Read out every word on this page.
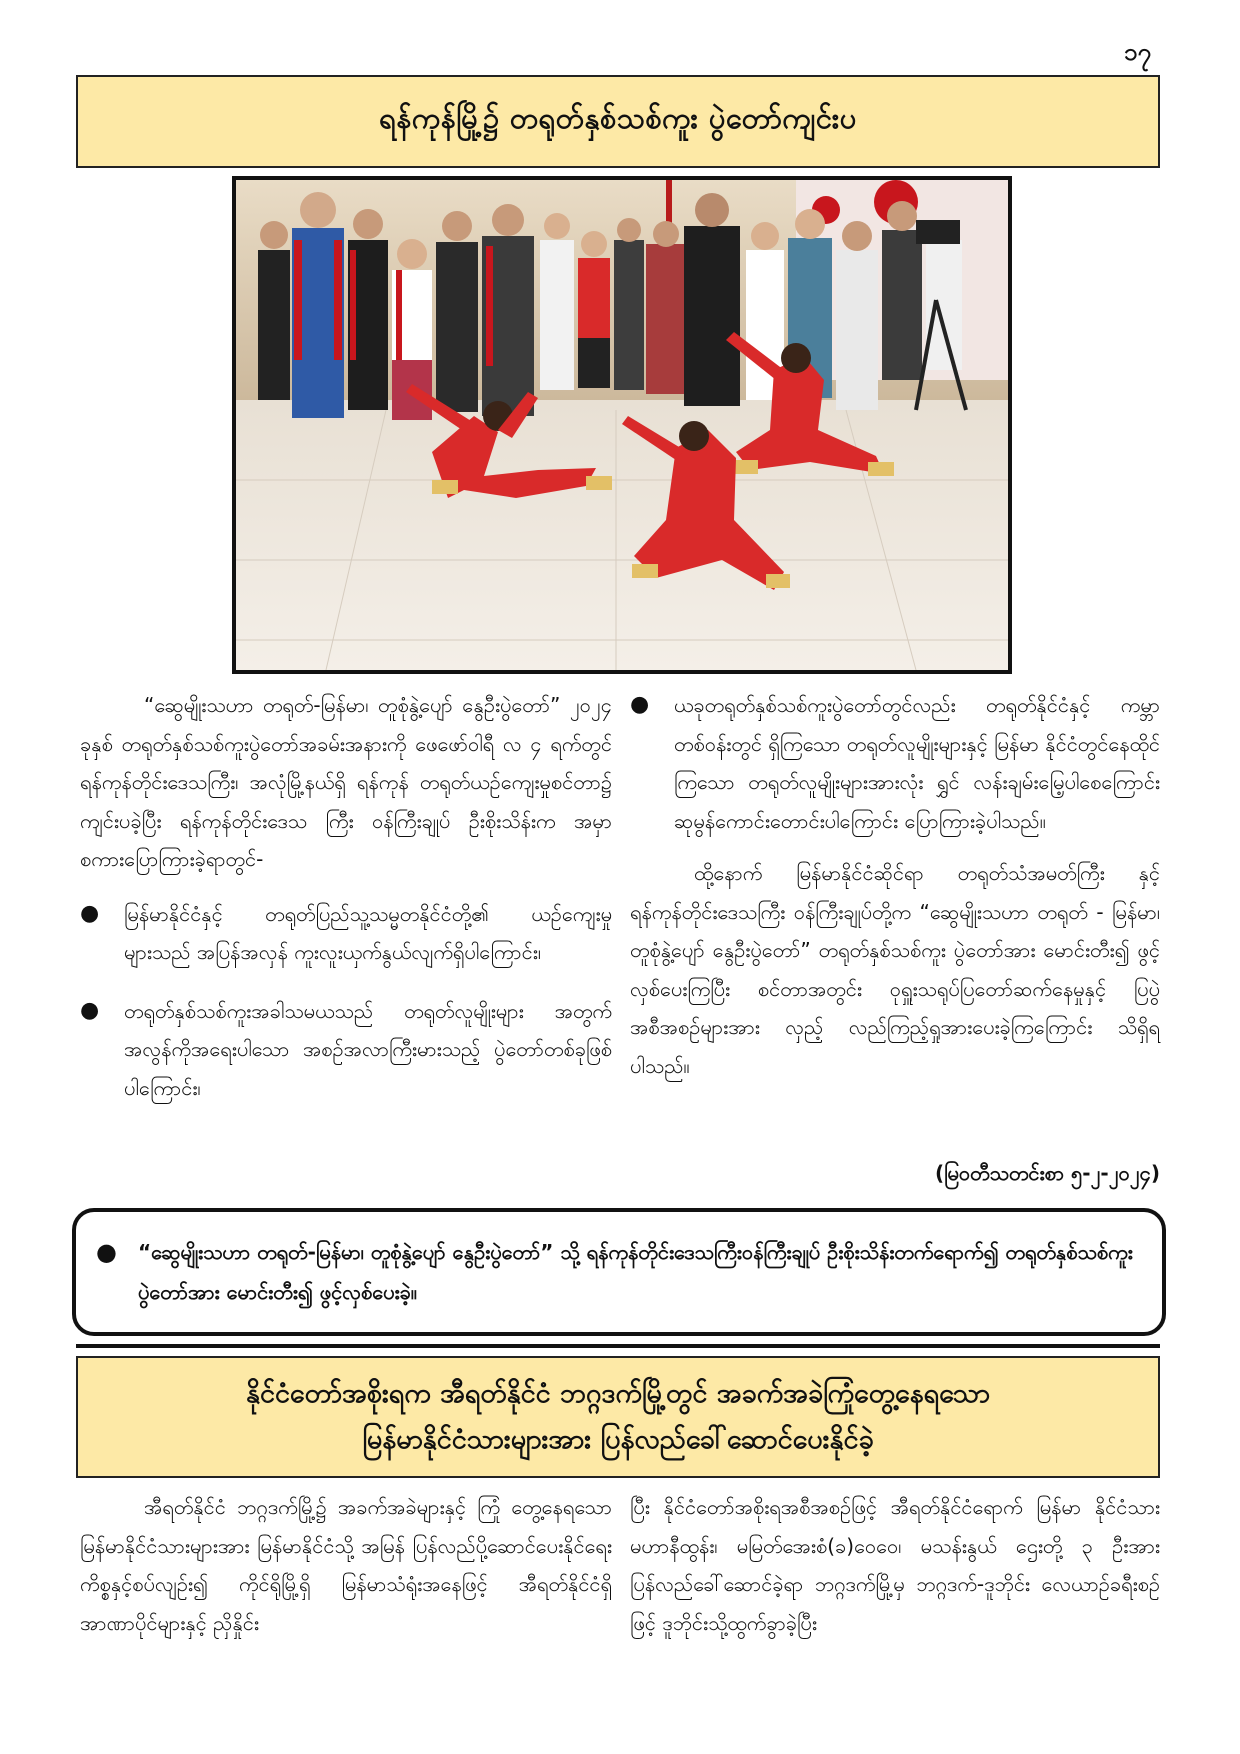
၁၇
ရန်ကုန်မြို့၌ တရုတ်နှစ်သစ်ကူး ပွဲတော်ကျင်းပ

“ဆွေမျိုးသဟာ တရုတ်-မြန်မာ၊ တူစုံနွဲ့ပျော် နွေဦးပွဲတော်” ၂၀၂၄ ခုနှစ် တရုတ်နှစ်သစ်ကူးပွဲတော်အခမ်းအနားကို ဖေဖော်ဝါရီ လ ၄ ရက်တွင် ရန်ကုန်တိုင်းဒေသကြီး၊ အလုံမြို့နယ်ရှိ ရန်ကုန် တရုတ်ယဉ်ကျေးမှုစင်တာ၌ ကျင်းပခဲ့ပြီး ရန်ကုန်တိုင်းဒေသ ကြီး ဝန်ကြီးချုပ် ဦးစိုးသိန်းက အမှာစကားပြောကြားခဲ့ရာတွင်-

●	မြန်မာနိုင်ငံနှင့် တရုတ်ပြည်သူ့သမ္မတနိုင်ငံတို့၏ ယဉ်ကျေးမှု များသည် အပြန်အလှန် ကူးလူးယှက်နွယ်လျက်ရှိပါကြောင်း၊
●	တရုတ်နှစ်သစ်ကူးအခါသမယသည် တရုတ်လူမျိုးများ အတွက် အလွန်ကိုအရေးပါသော အစဉ်အလာကြီးမားသည့် ပွဲတော်တစ်ခုဖြစ်ပါကြောင်း၊
●	ယခုတရုတ်နှစ်သစ်ကူးပွဲတော်တွင်လည်း တရုတ်နိုင်ငံနှင့် ကမ္ဘာတစ်ဝန်းတွင် ရှိကြသော တရုတ်လူမျိုးများနှင့် မြန်မာ နိုင်ငံတွင်နေထိုင်ကြသော တရုတ်လူမျိုးများအားလုံး ရွှင် လန်းချမ်းမြေ့ပါစေကြောင်း ဆုမွန်ကောင်းတောင်းပါကြောင်း ပြောကြားခဲ့ပါသည်။

ထို့နောက် မြန်မာနိုင်ငံဆိုင်ရာ တရုတ်သံအမတ်ကြီး နှင့် ရန်ကုန်တိုင်းဒေသကြီး ဝန်ကြီးချုပ်တို့က “ဆွေမျိုးသဟာ တရုတ် - မြန်မာ၊ တူစုံနွဲ့ပျော် နွေဦးပွဲတော်” တရုတ်နှစ်သစ်ကူး ပွဲတော်အား မောင်းတီး၍ ဖွင့်လှစ်ပေးကြပြီး စင်တာအတွင်း ဝုရှူးသရုပ်ပြတော်ဆက်နေမှုနှင့် ပြပွဲအစီအစဉ်များအား လှည့် လည်ကြည့်ရှုအားပေးခဲ့ကြကြောင်း သိရှိရပါသည်။

(မြဝတီသတင်းစာ ၅-၂-၂၀၂၄)
●	“ဆွေမျိုးသဟာ တရုတ်-မြန်မာ၊ တူစုံနွဲ့ပျော် နွေဦးပွဲတော်” သို့ ရန်ကုန်တိုင်းဒေသကြီးဝန်ကြီးချုပ် ဦးစိုးသိန်းတက်ရောက်၍ တရုတ်နှစ်သစ်ကူးပွဲတော်အား မောင်းတီး၍ ဖွင့်လှစ်ပေးခဲ့။
နိုင်ငံတော်အစိုးရက အီရတ်နိုင်ငံ ဘဂ္ဂဒက်မြို့တွင် အခက်အခဲကြုံတွေ့နေရသော
မြန်မာနိုင်ငံသားများအား ပြန်လည်ခေါ်ဆောင်ပေးနိုင်ခဲ့

အီရတ်နိုင်ငံ ဘဂ္ဂဒက်မြို့၌ အခက်အခဲများနှင့် ကြုံ တွေ့နေရသော မြန်မာနိုင်ငံသားများအား မြန်မာနိုင်ငံသို့ အမြန် ပြန်လည်ပို့ဆောင်ပေးနိုင်ရေးကိစ္စနှင့်စပ်လျဉ်း၍ ကိုင်ရိုမြို့ရှိ မြန်မာသံရုံးအနေဖြင့် အီရတ်နိုင်ငံရှိ အာဏာပိုင်များနှင့် ညှိနှိုင်း

ပြီး နိုင်ငံတော်အစိုးရအစီအစဉ်ဖြင့် အီရတ်နိုင်ငံရောက် မြန်မာ နိုင်ငံသား မဟာနီထွန်း၊ မမြတ်အေးစံ(ခ)ဝေဝေ၊ မသန်းနွယ် ဌေးတို့ ၃ ဦးအား ပြန်လည်ခေါ်ဆောင်ခဲ့ရာ ဘဂ္ဂဒက်မြို့မှ ဘဂ္ဂဒက်-ဒူဘိုင်း လေယာဉ်ခရီးစဉ်ဖြင့် ဒူဘိုင်းသို့ထွက်ခွာခဲ့ပြီး
